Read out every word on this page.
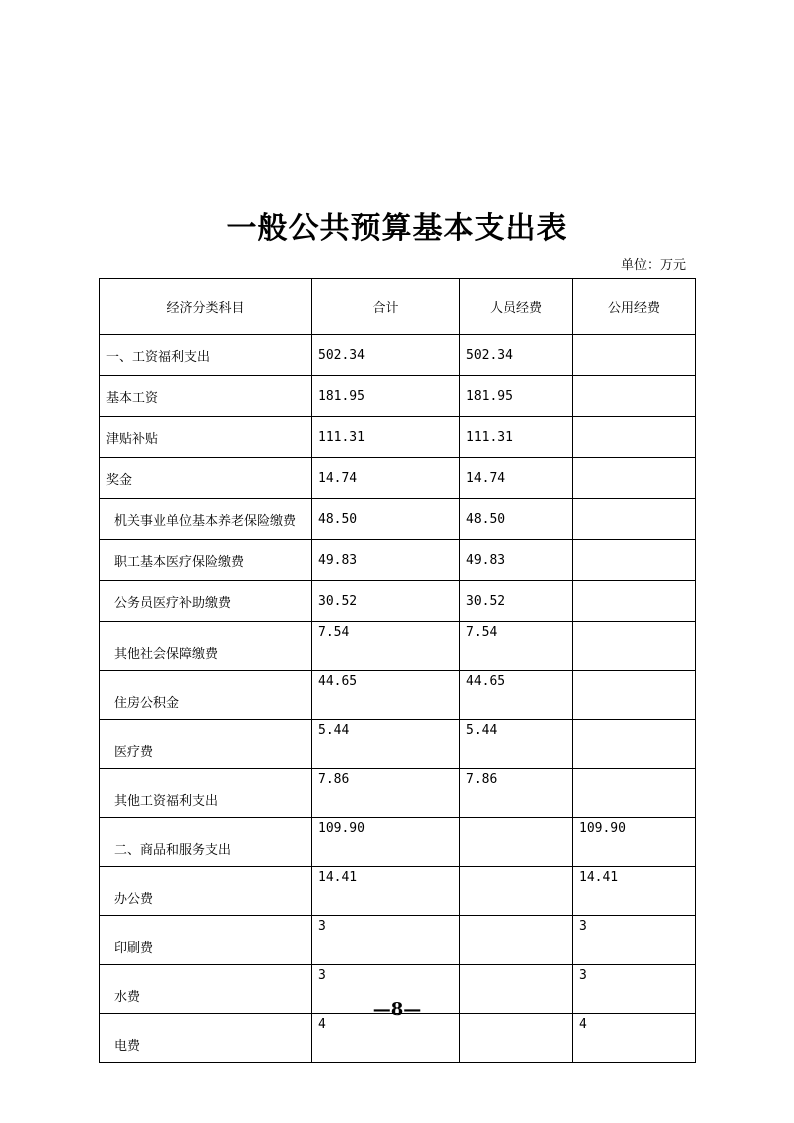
一般公共预算基本支出表
单位：万元
经济分类科目	合计	人员经费	公用经费
一、工资福利支出	502.34	502.34	
基本工资	181.95	181.95	
津贴补贴	111.31	111.31	
奖金	14.74	14.74	
机关事业单位基本养老保险缴费	48.50	48.50	
职工基本医疗保险缴费	49.83	49.83	
公务员医疗补助缴费	30.52	30.52	
其他社会保障缴费	7.54	7.54	
住房公积金	44.65	44.65	
医疗费	5.44	5.44	
其他工资福利支出	7.86	7.86	
二、商品和服务支出	109.90		109.90
办公费	14.41		14.41
印刷费	3		3
水费	3		3
电费	4		4
—8—
